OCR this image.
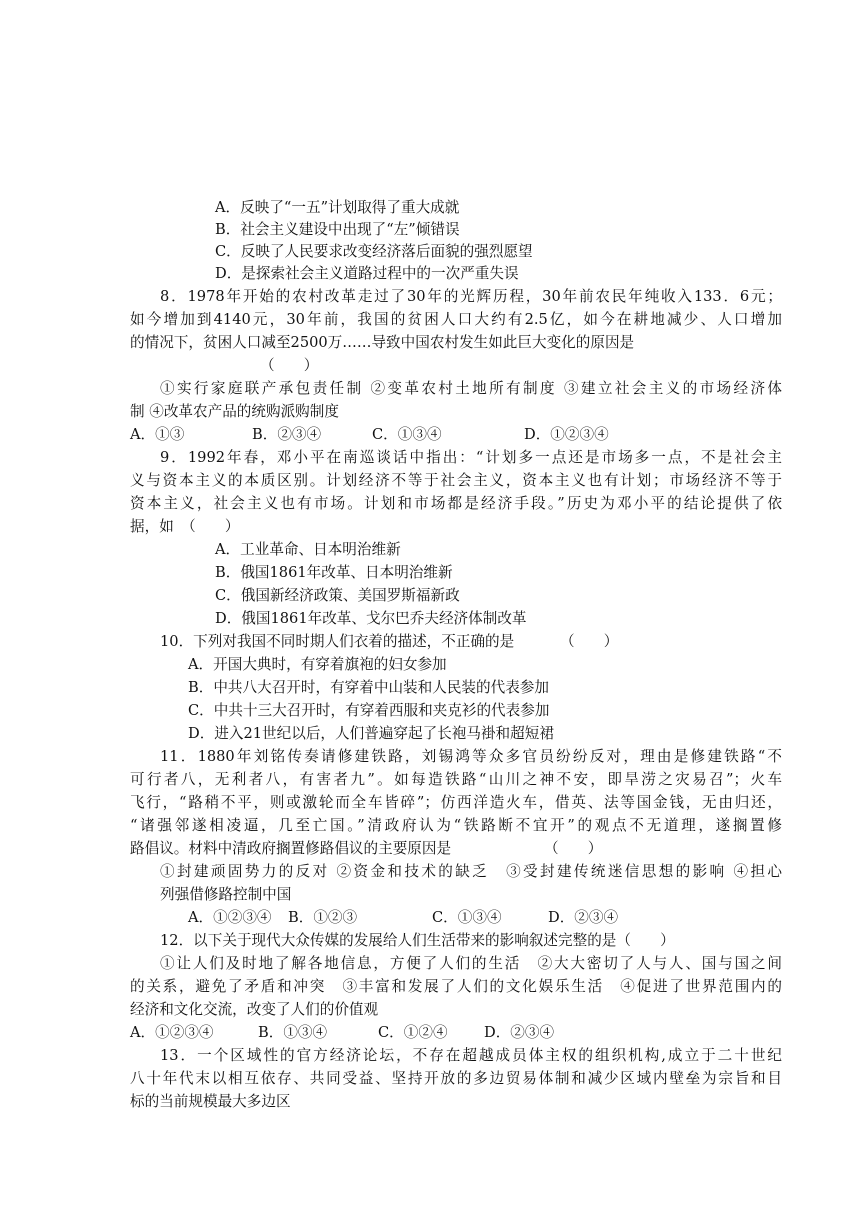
A．反映了“一五”计划取得了重大成就
B．社会主义建设中出现了“左”倾错误
C．反映了人民要求改变经济落后面貌的强烈愿望
D．是探索社会主义道路过程中的一次严重失误
8．1978年开始的农村改革走过了30年的光辉历程，30年前农民年纯收入133．6元；
如今增加到4140元，30年前，我国的贫困人口大约有2.5亿，如今在耕地减少、人口增加
的情况下，贫困人口减至2500万……导致中国农村发生如此巨大变化的原因是
（　　）
①实行家庭联产承包责任制 ②变革农村土地所有制度 ③建立社会主义的市场经济体
制 ④改革农产品的统购派购制度
A．①③	B．②③④	C．①③④	D．①②③④
9．1992年春，邓小平在南巡谈话中指出：“计划多一点还是市场多一点，不是社会主
义与资本主义的本质区别。计划经济不等于社会主义，资本主义也有计划；市场经济不等于
资本主义，社会主义也有市场。计划和市场都是经济手段。”历史为邓小平的结论提供了依
据，如　（　　）
A．工业革命、日本明治维新
B．俄国1861年改革、日本明治维新
C．俄国新经济政策、美国罗斯福新政
D．俄国1861年改革、戈尔巴乔夫经济体制改革
10．下列对我国不同时期人们衣着的描述，不正确的是	（　　）
A．开国大典时，有穿着旗袍的妇女参加
B．中共八大召开时，有穿着中山装和人民装的代表参加
C．中共十三大召开时，有穿着西服和夹克衫的代表参加
D．进入21世纪以后，人们普遍穿起了长袍马褂和超短裙
11．1880年刘铭传奏请修建铁路，刘锡鸿等众多官员纷纷反对，理由是修建铁路“不
可行者八，无利者八，有害者九”。如每造铁路“山川之神不安，即旱涝之灾易召”；火车
飞行，“路稍不平，则或激轮而全车皆碎”；仿西洋造火车，借英、法等国金钱，无由归还，
“诸强邻遂相凌逼，几至亡国。”清政府认为“铁路断不宜开”的观点不无道理，遂搁置修
路倡议。材料中清政府搁置修路倡议的主要原因是	（　　）
①封建顽固势力的反对 ②资金和技术的缺乏　③受封建传统迷信思想的影响 ④担心
列强借修路控制中国
A．①②③④ B．①②③	C．①③④	D．②③④
12．以下关于现代大众传媒的发展给人们生活带来的影响叙述完整的是（　　）
①让人们及时地了解各地信息，方便了人们的生活　②大大密切了人与人、国与国之间
的关系，避免了矛盾和冲突　③丰富和发展了人们的文化娱乐生活　④促进了世界范围内的
经济和文化交流，改变了人们的价值观
A．①②③④	B．①③④	C．①②④ D．②③④
13．一个区域性的官方经济论坛，不存在超越成员体主权的组织机构,成立于二十世纪
八十年代末以相互依存、共同受益、坚持开放的多边贸易体制和减少区域内壁垒为宗旨和目
标的当前规模最大多边区
